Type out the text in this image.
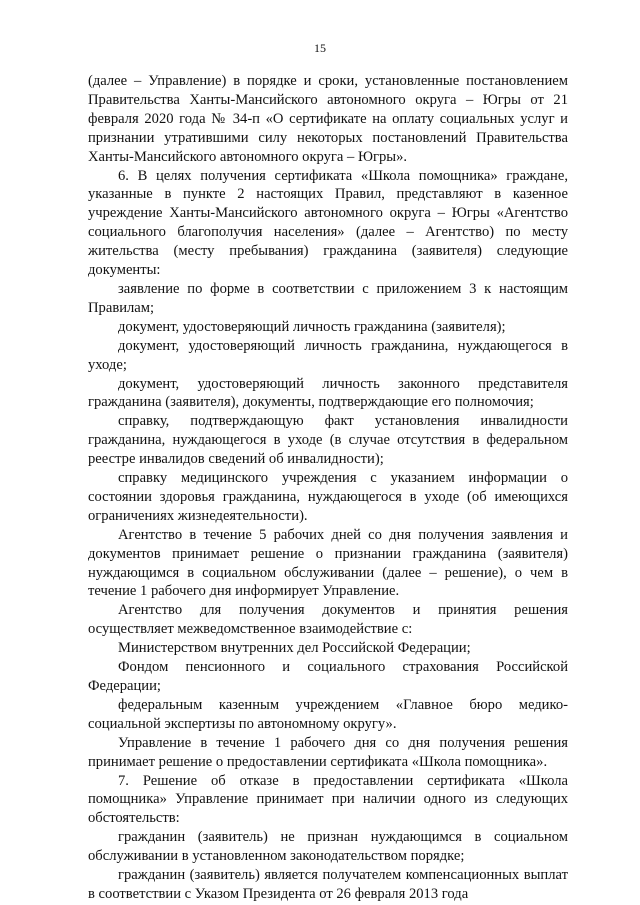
15

(далее – Управление) в порядке и сроки, установленные постановлением Правительства Ханты-Мансийского автономного округа – Югры от 21 февраля 2020 года № 34-п «О сертификате на оплату социальных услуг и признании утратившими силу некоторых постановлений Правительства Ханты-Мансийского автономного округа – Югры».

6. В целях получения сертификата «Школа помощника» граждане, указанные в пункте 2 настоящих Правил, представляют в казенное учреждение Ханты-Мансийского автономного округа – Югры «Агентство социального благополучия населения» (далее – Агентство) по месту жительства (месту пребывания) гражданина (заявителя) следующие документы:

заявление по форме в соответствии с приложением 3 к настоящим Правилам;

документ, удостоверяющий личность гражданина (заявителя);

документ, удостоверяющий личность гражданина, нуждающегося в уходе;

документ, удостоверяющий личность законного представителя гражданина (заявителя), документы, подтверждающие его полномочия;

справку, подтверждающую факт установления инвалидности гражданина, нуждающегося в уходе (в случае отсутствия в федеральном реестре инвалидов сведений об инвалидности);

справку медицинского учреждения с указанием информации о состоянии здоровья гражданина, нуждающегося в уходе (об имеющихся ограничениях жизнедеятельности).

Агентство в течение 5 рабочих дней со дня получения заявления и документов принимает решение о признании гражданина (заявителя) нуждающимся в социальном обслуживании (далее – решение), о чем в течение 1 рабочего дня информирует Управление.

Агентство для получения документов и принятия решения осуществляет межведомственное взаимодействие с:

Министерством внутренних дел Российской Федерации;

Фондом пенсионного и социального страхования Российской Федерации;

федеральным казенным учреждением «Главное бюро медико-социальной экспертизы по автономному округу».

Управление в течение 1 рабочего дня со дня получения решения принимает решение о предоставлении сертификата «Школа помощника».

7. Решение об отказе в предоставлении сертификата «Школа помощника» Управление принимает при наличии одного из следующих обстоятельств:

гражданин (заявитель) не признан нуждающимся в социальном обслуживании в установленном законодательством порядке;

гражданин (заявитель) является получателем компенсационных выплат в соответствии с Указом Президента от 26 февраля 2013 года
